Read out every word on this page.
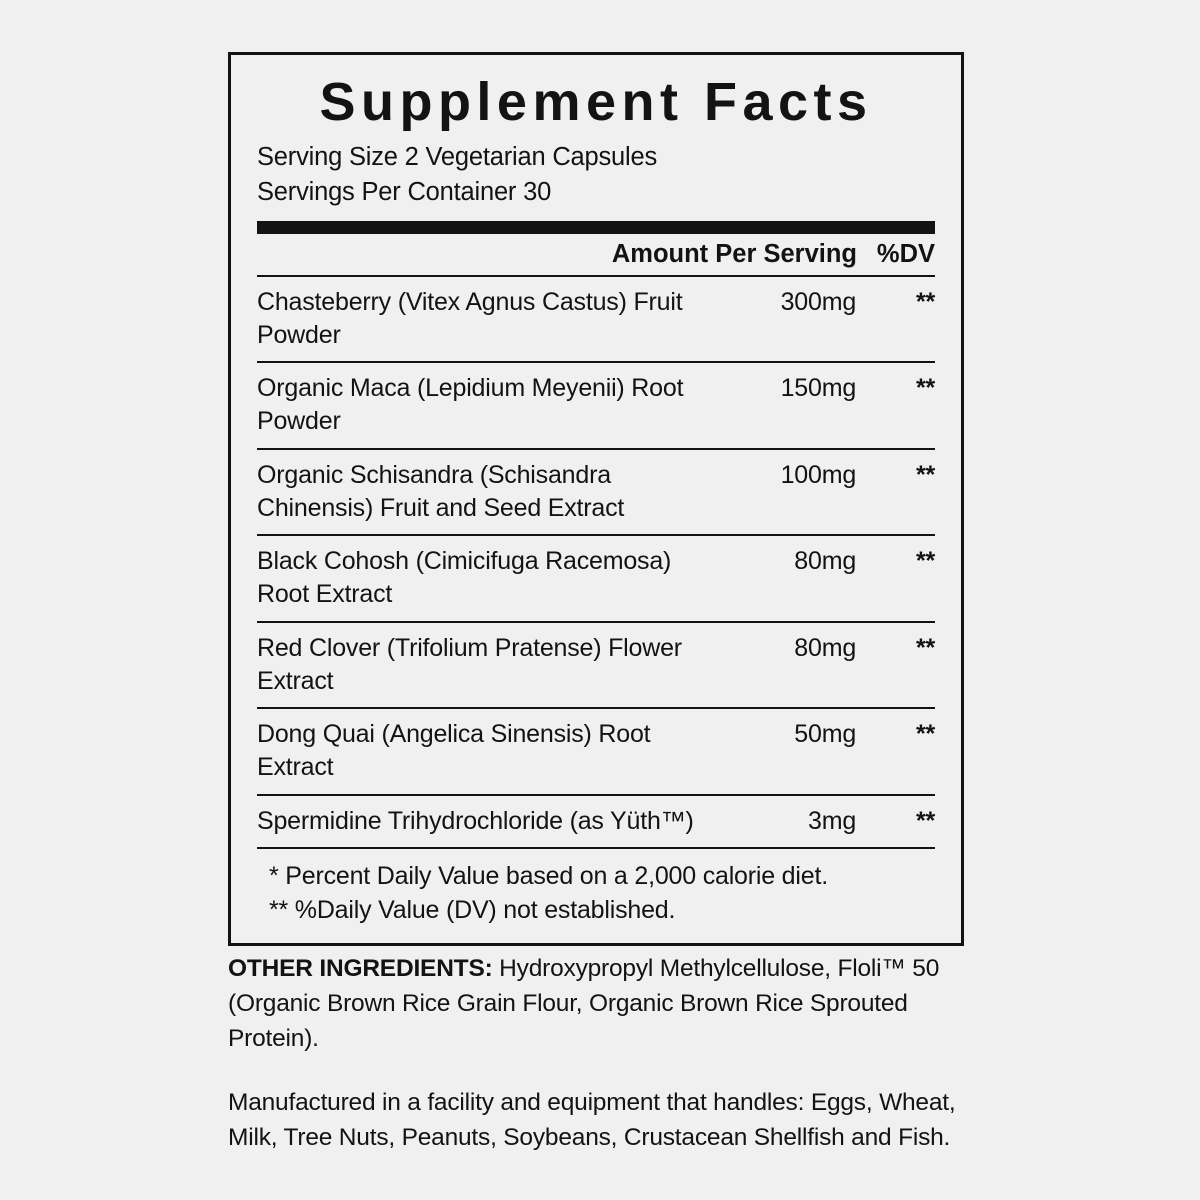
Supplement Facts
Serving Size 2 Vegetarian Capsules
Servings Per Container 30
Amount Per Serving %DV
Chasteberry (Vitex Agnus Castus) Fruit Powder	300mg	**
Organic Maca (Lepidium Meyenii) Root Powder	150mg	**
Organic Schisandra (Schisandra Chinensis) Fruit and Seed Extract	100mg	**
Black Cohosh (Cimicifuga Racemosa) Root Extract	80mg	**
Red Clover (Trifolium Pratense) Flower Extract	80mg	**
Dong Quai (Angelica Sinensis) Root Extract	50mg	**
Spermidine Trihydrochloride (as Yüth™)	3mg	**
* Percent Daily Value based on a 2,000 calorie diet.
** %Daily Value (DV) not established.

OTHER INGREDIENTS: Hydroxypropyl Methylcellulose, Floli™ 50 (Organic Brown Rice Grain Flour, Organic Brown Rice Sprouted Protein).

Manufactured in a facility and equipment that handles: Eggs, Wheat, Milk, Tree Nuts, Peanuts, Soybeans, Crustacean Shellfish and Fish.
